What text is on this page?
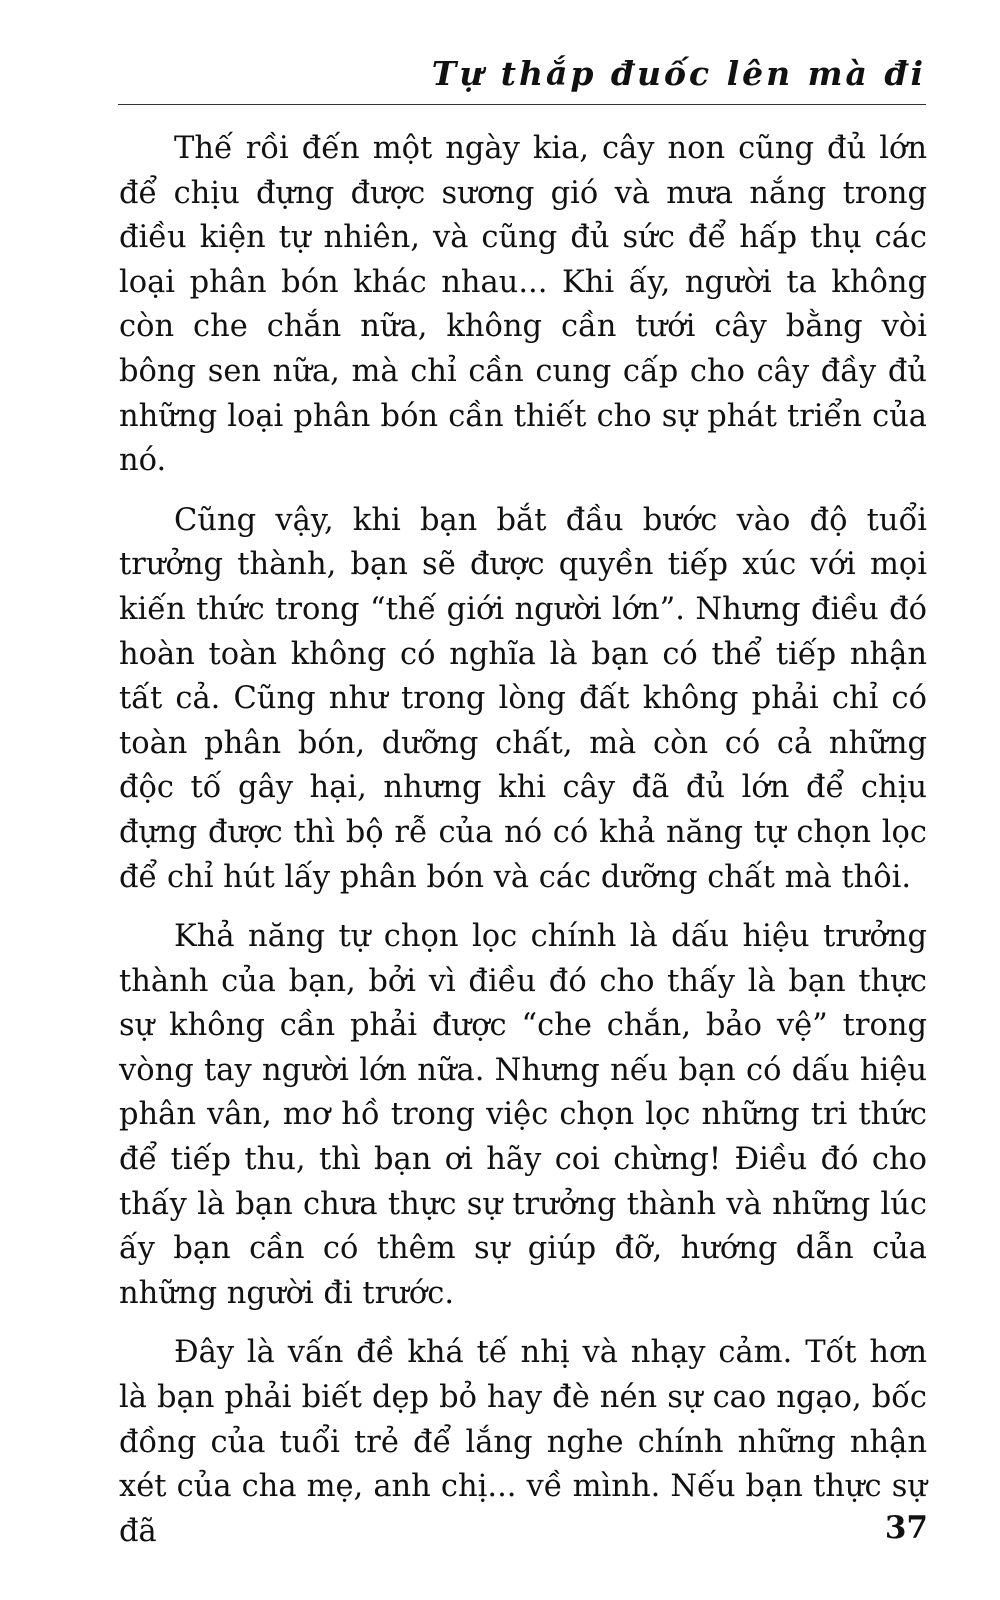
Tự thắp đuốc lên mà đi

Thế rồi đến một ngày kia, cây non cũng đủ lớn để chịu đựng được sương gió và mưa nắng trong điều kiện tự nhiên, và cũng đủ sức để hấp thụ các loại phân bón khác nhau... Khi ấy, người ta không còn che chắn nữa, không cần tưới cây bằng vòi bông sen nữa, mà chỉ cần cung cấp cho cây đầy đủ những loại phân bón cần thiết cho sự phát triển của nó.

Cũng vậy, khi bạn bắt đầu bước vào độ tuổi trưởng thành, bạn sẽ được quyền tiếp xúc với mọi kiến thức trong “thế giới người lớn”. Nhưng điều đó hoàn toàn không có nghĩa là bạn có thể tiếp nhận tất cả. Cũng như trong lòng đất không phải chỉ có toàn phân bón, dưỡng chất, mà còn có cả những độc tố gây hại, nhưng khi cây đã đủ lớn để chịu đựng được thì bộ rễ của nó có khả năng tự chọn lọc để chỉ hút lấy phân bón và các dưỡng chất mà thôi.

Khả năng tự chọn lọc chính là dấu hiệu trưởng thành của bạn, bởi vì điều đó cho thấy là bạn thực sự không cần phải được “che chắn, bảo vệ” trong vòng tay người lớn nữa. Nhưng nếu bạn có dấu hiệu phân vân, mơ hồ trong việc chọn lọc những tri thức để tiếp thu, thì bạn ơi hãy coi chừng! Điều đó cho thấy là bạn chưa thực sự trưởng thành và những lúc ấy bạn cần có thêm sự giúp đỡ, hướng dẫn của những người đi trước.

Đây là vấn đề khá tế nhị và nhạy cảm. Tốt hơn là bạn phải biết dẹp bỏ hay đè nén sự cao ngạo, bốc đồng của tuổi trẻ để lắng nghe chính những nhận xét của cha mẹ, anh chị... về mình. Nếu bạn thực sự đã	37
